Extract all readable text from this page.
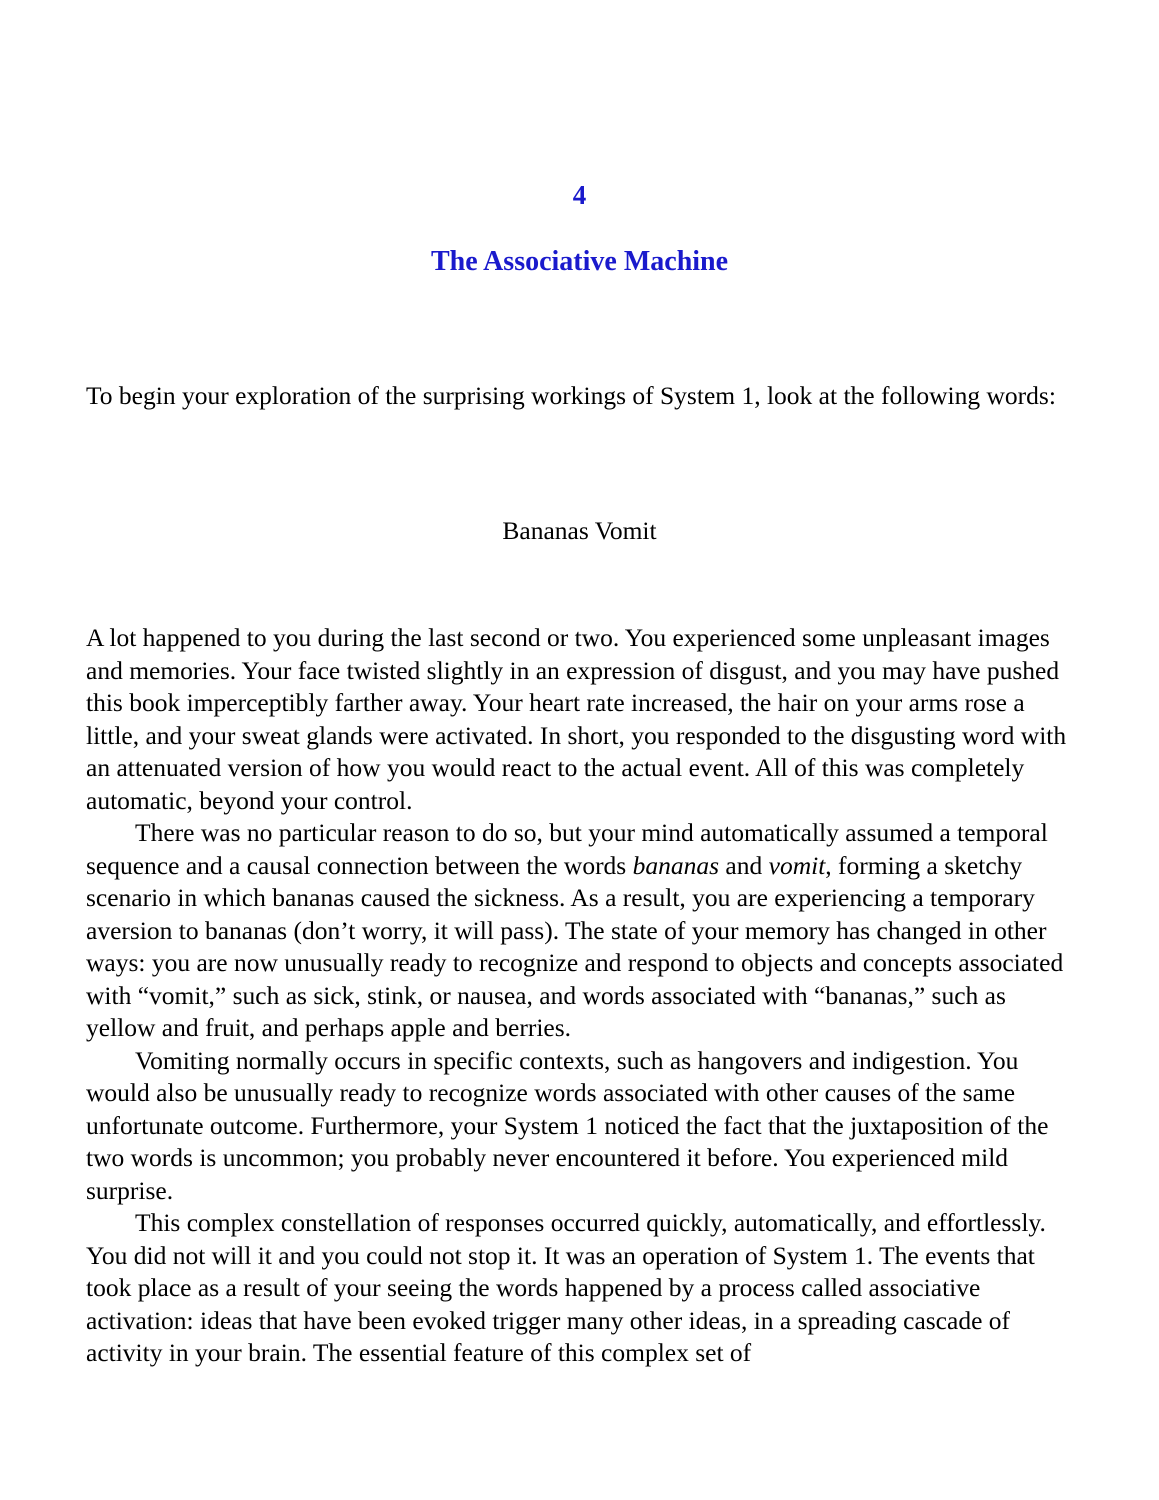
4
The Associative Machine
To begin your exploration of the surprising workings of System 1, look at the following words:
Bananas Vomit

A lot happened to you during the last second or two. You experienced some unpleasant images and memories. Your face twisted slightly in an expression of disgust, and you may have pushed this book imperceptibly farther away. Your heart rate increased, the hair on your arms rose a little, and your sweat glands were activated. In short, you responded to the disgusting word with an attenuated version of how you would react to the actual event. All of this was completely automatic, beyond your control.

There was no particular reason to do so, but your mind automatically assumed a temporal sequence and a causal connection between the words bananas and vomit, forming a sketchy scenario in which bananas caused the sickness. As a result, you are experiencing a temporary aversion to bananas (don’t worry, it will pass). The state of your memory has changed in other ways: you are now unusually ready to recognize and respond to objects and concepts associated with “vomit,” such as sick, stink, or nausea, and words associated with “bananas,” such as yellow and fruit, and perhaps apple and berries.

Vomiting normally occurs in specific contexts, such as hangovers and indigestion. You would also be unusually ready to recognize words associated with other causes of the same unfortunate outcome. Furthermore, your System 1 noticed the fact that the juxtaposition of the two words is uncommon; you probably never encountered it before. You experienced mild surprise.

This complex constellation of responses occurred quickly, automatically, and effortlessly. You did not will it and you could not stop it. It was an operation of System 1. The events that took place as a result of your seeing the words happened by a process called associative activation: ideas that have been evoked trigger many other ideas, in a spreading cascade of activity in your brain. The essential feature of this complex set of
